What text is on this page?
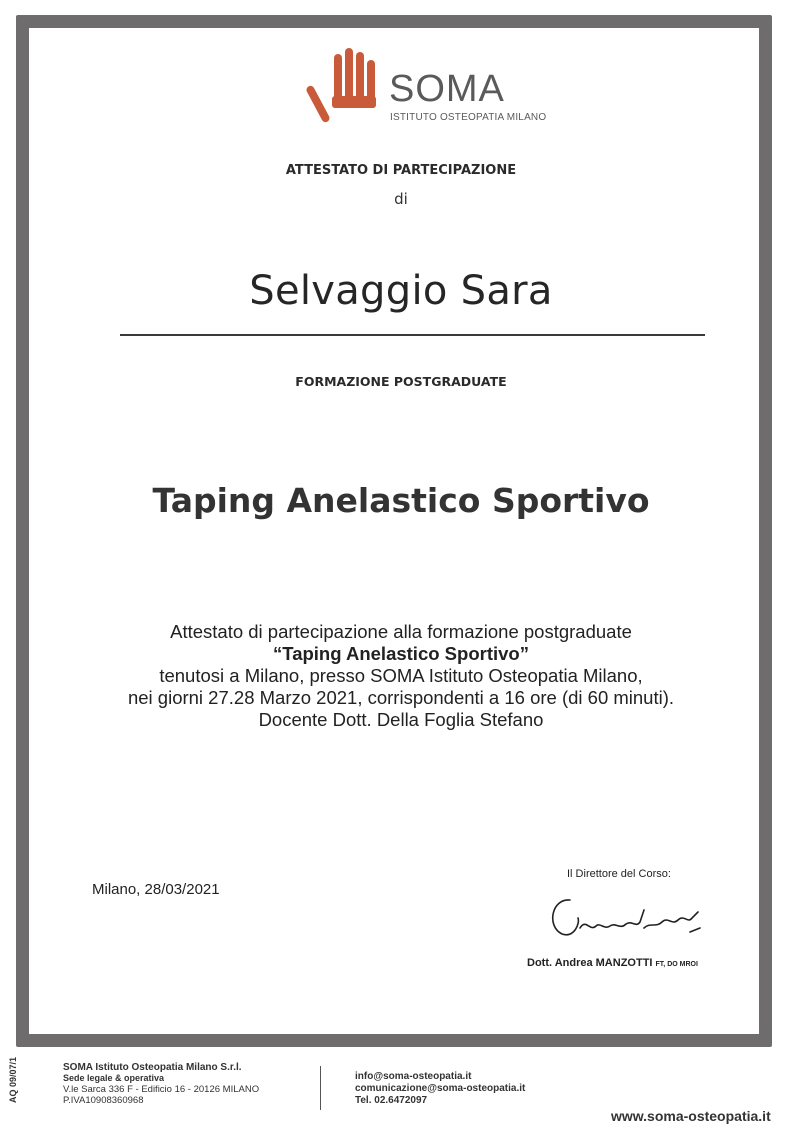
SOMA
ISTITUTO OSTEOPATIA MILANO
ATTESTATO DI PARTECIPAZIONE
di
Selvaggio Sara
FORMAZIONE POSTGRADUATE
Taping Anelastico Sportivo
Attestato di partecipazione alla formazione postgraduate
“Taping Anelastico Sportivo”
tenutosi a Milano, presso SOMA Istituto Osteopatia Milano,
nei giorni 27.28 Marzo 2021, corrispondenti a 16 ore (di 60 minuti).
Docente Dott. Della Foglia Stefano
Milano, 28/03/2021
Il Direttore del Corso:
Dott. Andrea MANZOTTI FT, DO MROI
AQ 09/07/1	SOMA Istituto Osteopatia Milano S.r.l.
Sede legale & operativa
V.le Sarca 336 F - Edificio 16 - 20126 MILANO
P.IVA10908360968
info@soma-osteopatia.it
comunicazione@soma-osteopatia.it
Tel. 02.6472097
www.soma-osteopatia.it
